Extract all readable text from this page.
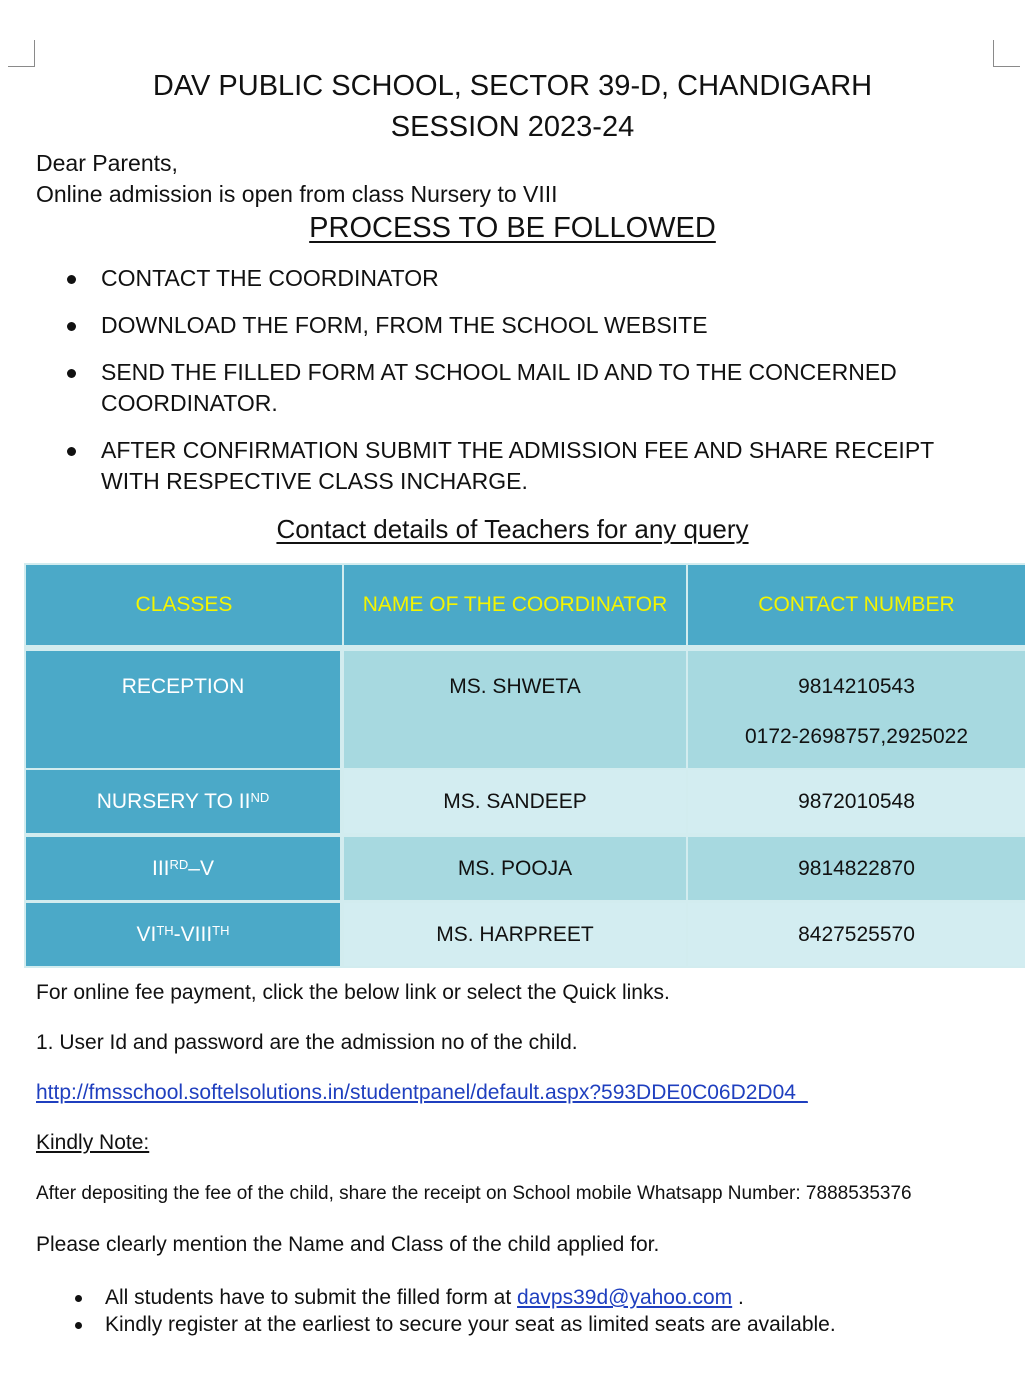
DAV PUBLIC SCHOOL, SECTOR 39-D, CHANDIGARH
SESSION 2023-24
Dear Parents,
Online admission is open from class Nursery to VIII
PROCESS TO BE FOLLOWED
CONTACT THE COORDINATOR
DOWNLOAD THE FORM, FROM THE SCHOOL WEBSITE
SEND THE FILLED FORM AT SCHOOL MAIL ID AND TO THE CONCERNED COORDINATOR.
AFTER CONFIRMATION SUBMIT THE ADMISSION FEE AND SHARE RECEIPT WITH RESPECTIVE CLASS INCHARGE.
Contact details of Teachers for any query
CLASSES	NAME OF THE COORDINATOR	CONTACT NUMBER
RECEPTION	MS. SHWETA	9814210543
0172-2698757,2925022
NURSERY TO IIND	MS. SANDEEP	9872010548
IIIRD –V	MS. POOJA	9814822870
VITH -VIIITH	MS. HARPREET	8427525570
For online fee payment, click the below link or select the Quick links.
1. User Id and password are the admission no of the child.
http://fmsschool.softelsolutions.in/studentpanel/default.aspx?593DDE0C06D2D04_
Kindly Note:
After depositing the fee of the child, share the receipt on School mobile Whatsapp Number: 7888535376
Please clearly mention the Name and Class of the child applied for.
All students have to submit the filled form at davps39d@yahoo.com .
Kindly register at the earliest to secure your seat as limited seats are available.
